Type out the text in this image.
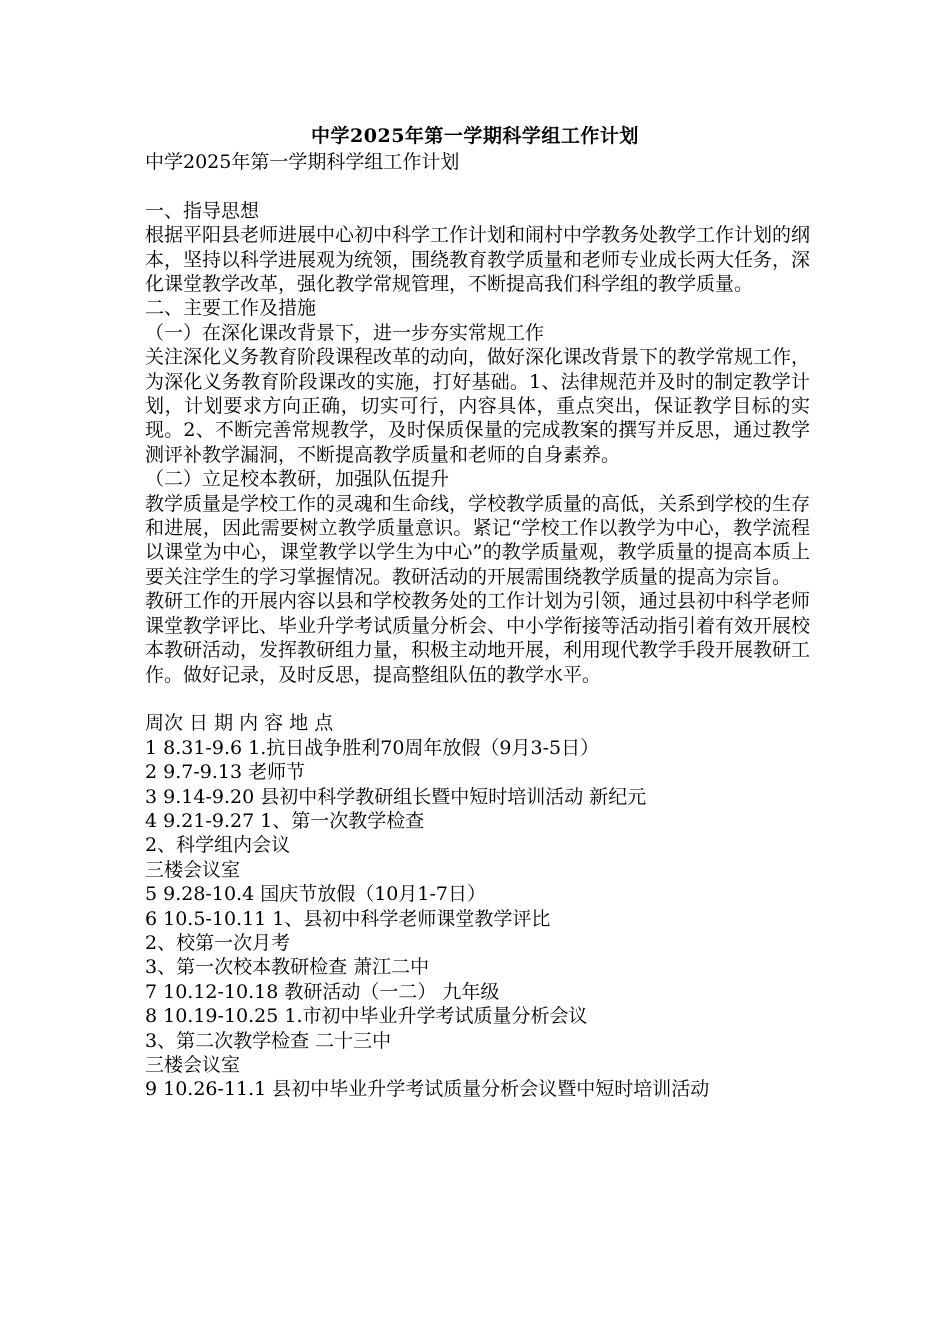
中学2025年第一学期科学组工作计划
中学2025年第一学期科学组工作计划
一、指导思想
根据平阳县老师进展中心初中科学工作计划和闹村中学教务处教学工作计划的纲本，坚持以科学进展观为统领，围绕教育教学质量和老师专业成长两大任务，深化课堂教学改革，强化教学常规管理，不断提高我们科学组的教学质量。
二、主要工作及措施
（一）在深化课改背景下，进一步夯实常规工作
关注深化义务教育阶段课程改革的动向，做好深化课改背景下的教学常规工作，为深化义务教育阶段课改的实施，打好基础。1、法律规范并及时的制定教学计划，计划要求方向正确，切实可行，内容具体，重点突出，保证教学目标的实现。2、不断完善常规教学，及时保质保量的完成教案的撰写并反思，通过教学测评补教学漏洞，不断提高教学质量和老师的自身素养。
（二）立足校本教研，加强队伍提升
教学质量是学校工作的灵魂和生命线，学校教学质量的高低，关系到学校的生存和进展，因此需要树立教学质量意识。紧记“学校工作以教学为中心，教学流程以课堂为中心，课堂教学以学生为中心”的教学质量观，教学质量的提高本质上要关注学生的学习掌握情况。教研活动的开展需围绕教学质量的提高为宗旨。
教研工作的开展内容以县和学校教务处的工作计划为引领，通过县初中科学老师课堂教学评比、毕业升学考试质量分析会、中小学衔接等活动指引着有效开展校本教研活动，发挥教研组力量，积极主动地开展，利用现代教学手段开展教研工作。做好记录，及时反思，提高整组队伍的教学水平。
周次 日 期 内 容 地 点
1 8.31-9.6 1.抗日战争胜利70周年放假（9月3-5日）
2 9.7-9.13 老师节
3 9.14-9.20 县初中科学教研组长暨中短时培训活动 新纪元
4 9.21-9.27 1、第一次教学检查
2、科学组内会议
三楼会议室
5 9.28-10.4 国庆节放假（10月1-7日）
6 10.5-10.11 1、县初中科学老师课堂教学评比
2、校第一次月考
3、第一次校本教研检查 萧江二中
7 10.12-10.18 教研活动（一二） 九年级
8 10.19-10.25 1.市初中毕业升学考试质量分析会议
3、第二次教学检查 二十三中
三楼会议室
9 10.26-11.1 县初中毕业升学考试质量分析会议暨中短时培训活动
